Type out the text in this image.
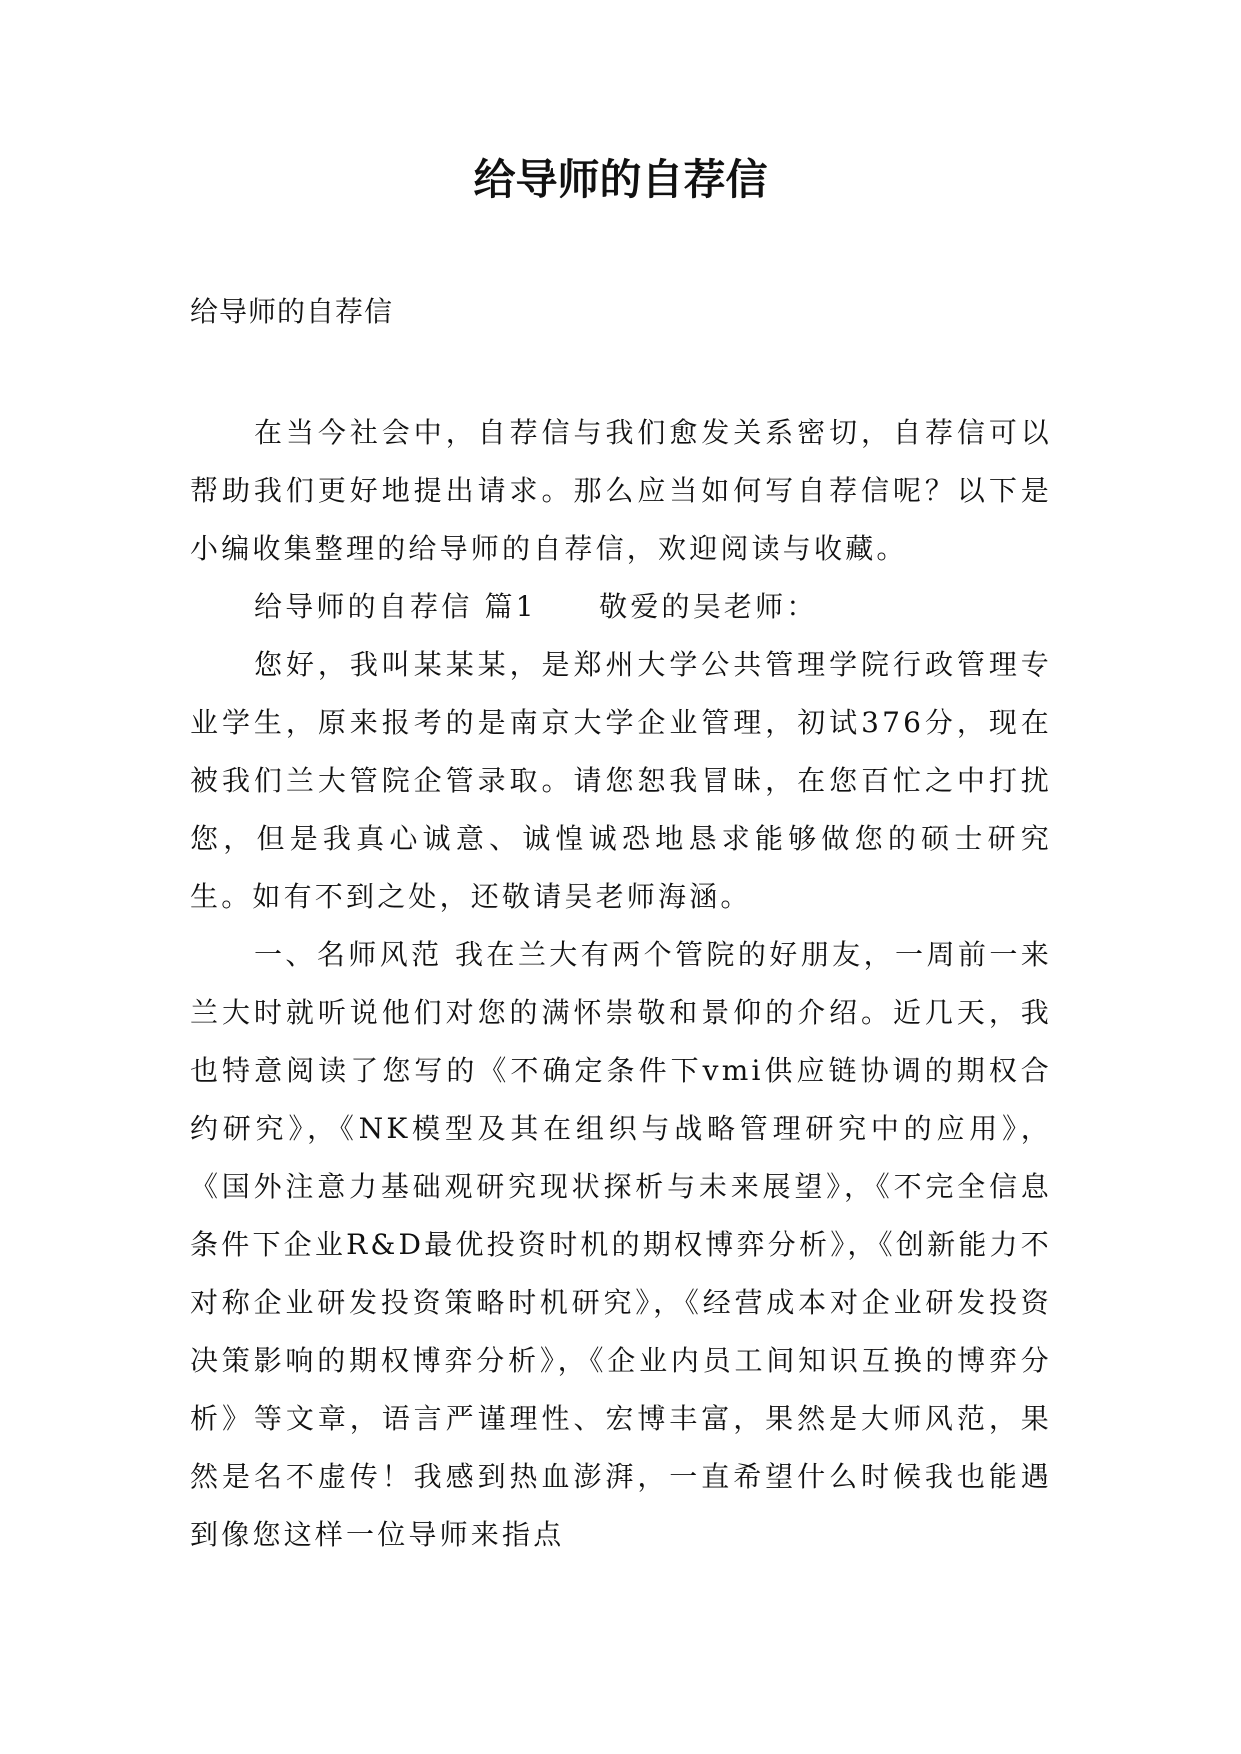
给导师的自荐信
给导师的自荐信

在当今社会中，自荐信与我们愈发关系密切，自荐信可以帮助我们更好地提出请求。那么应当如何写自荐信呢？以下是小编收集整理的给导师的自荐信，欢迎阅读与收藏。

给导师的自荐信 篇1　　敬爱的吴老师：

您好，我叫某某某，是郑州大学公共管理学院行政管理专业学生，原来报考的是南京大学企业管理，初试376分，现在被我们兰大管院企管录取。请您恕我冒昧，在您百忙之中打扰您，但是我真心诚意、诚惶诚恐地恳求能够做您的硕士研究生。如有不到之处，还敬请吴老师海涵。

一、名师风范 我在兰大有两个管院的好朋友，一周前一来兰大时就听说他们对您的满怀崇敬和景仰的介绍。近几天，我也特意阅读了您写的《不确定条件下vmi供应链协调的期权合约研究》，《NK模型及其在组织与战略管理研究中的应用》，《国外注意力基础观研究现状探析与未来展望》，《不完全信息条件下企业R&D最优投资时机的期权博弈分析》，《创新能力不对称企业研发投资策略时机研究》，《经营成本对企业研发投资决策影响的期权博弈分析》，《企业内员工间知识互换的博弈分析》等文章，语言严谨理性、宏博丰富，果然是大师风范，果然是名不虚传！我感到热血澎湃，一直希望什么时候我也能遇到像您这样一位导师来指点
